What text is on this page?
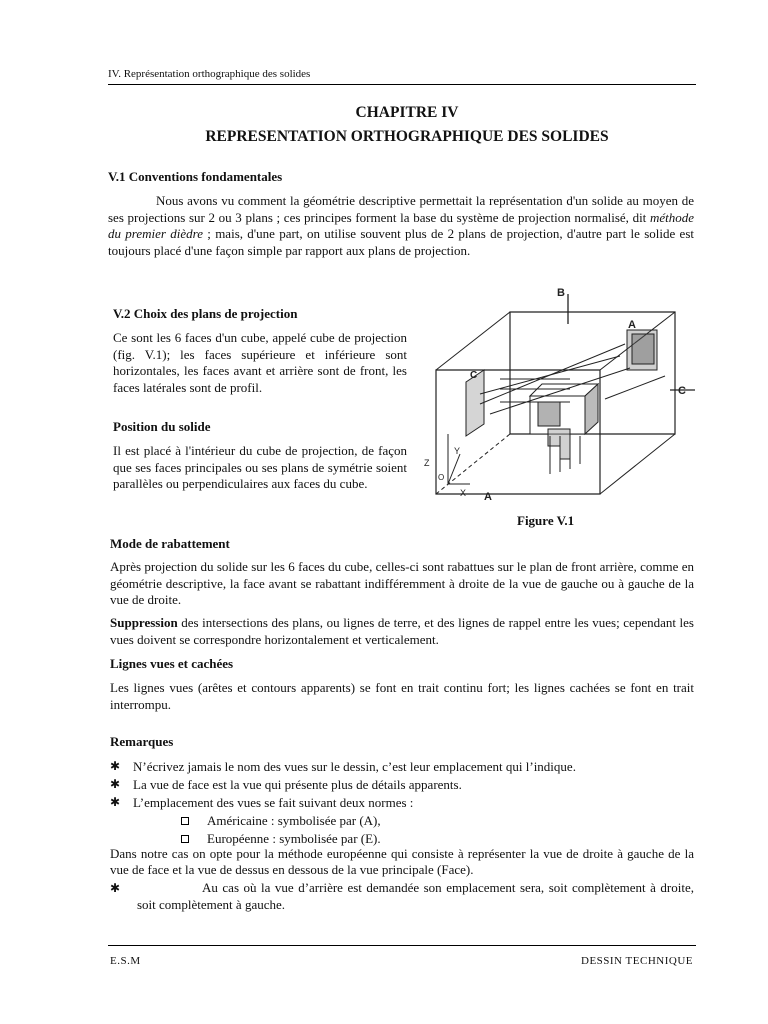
IV. Représentation orthographique des solides
CHAPITRE IV
REPRESENTATION ORTHOGRAPHIQUE DES SOLIDES
V.1 Conventions fondamentales
Nous avons vu comment la géométrie descriptive permettait la représentation d'un solide au moyen de ses projections sur 2 ou 3 plans ; ces principes forment la base du système de projection normalisé, dit méthode du premier dièdre ; mais, d'une part, on utilise souvent plus de 2 plans de projection, d'autre part le solide est toujours placé d'une façon simple par rapport aux plans de projection.
V.2 Choix des plans de projection
Ce sont les 6 faces d'un cube, appelé cube de projection (fig. V.1); les faces supérieure et inférieure sont horizontales, les faces avant et arrière sont de front, les faces latérales sont de profil.
Position du solide
Il est placé à l'intérieur du cube de projection, de façon que ses faces principales ou ses plans de symétrie soient parallèles ou perpendiculaires aux faces du cube.
B
A
C
C
A
Z
Y
X
O
Figure V.1
Mode de rabattement
Après projection du solide sur les 6 faces du cube, celles-ci sont rabattues sur le plan de front arrière, comme en géométrie descriptive, la face avant se rabattant indifféremment à droite de la vue de gauche ou à gauche de la vue de droite.
Suppression des intersections des plans, ou lignes de terre, et des lignes de rappel entre les vues; cependant les vues doivent se correspondre horizontalement et verticalement.
Lignes vues et cachées
Les lignes vues (arêtes et contours apparents) se font en trait continu fort; les lignes cachées se font en trait interrompu.
Remarques
✱ N’écrivez jamais le nom des vues sur le dessin, c’est leur emplacement qui l’indique.
✱ La vue de face est la vue qui présente plus de détails apparents.
✱ L’emplacement des vues se fait suivant deux normes :
Américaine : symbolisée par (A),
Européenne : symbolisée par (E).
Dans notre cas on opte pour la méthode européenne qui consiste à représenter la vue de droite à gauche de la vue de face et la vue de dessus en dessous de la vue principale (Face).
✱	Au cas où la vue d’arrière est demandée son emplacement sera, soit complètement à droite, soit complètement à gauche.
E.S.M	DESSIN TECHNIQUE
